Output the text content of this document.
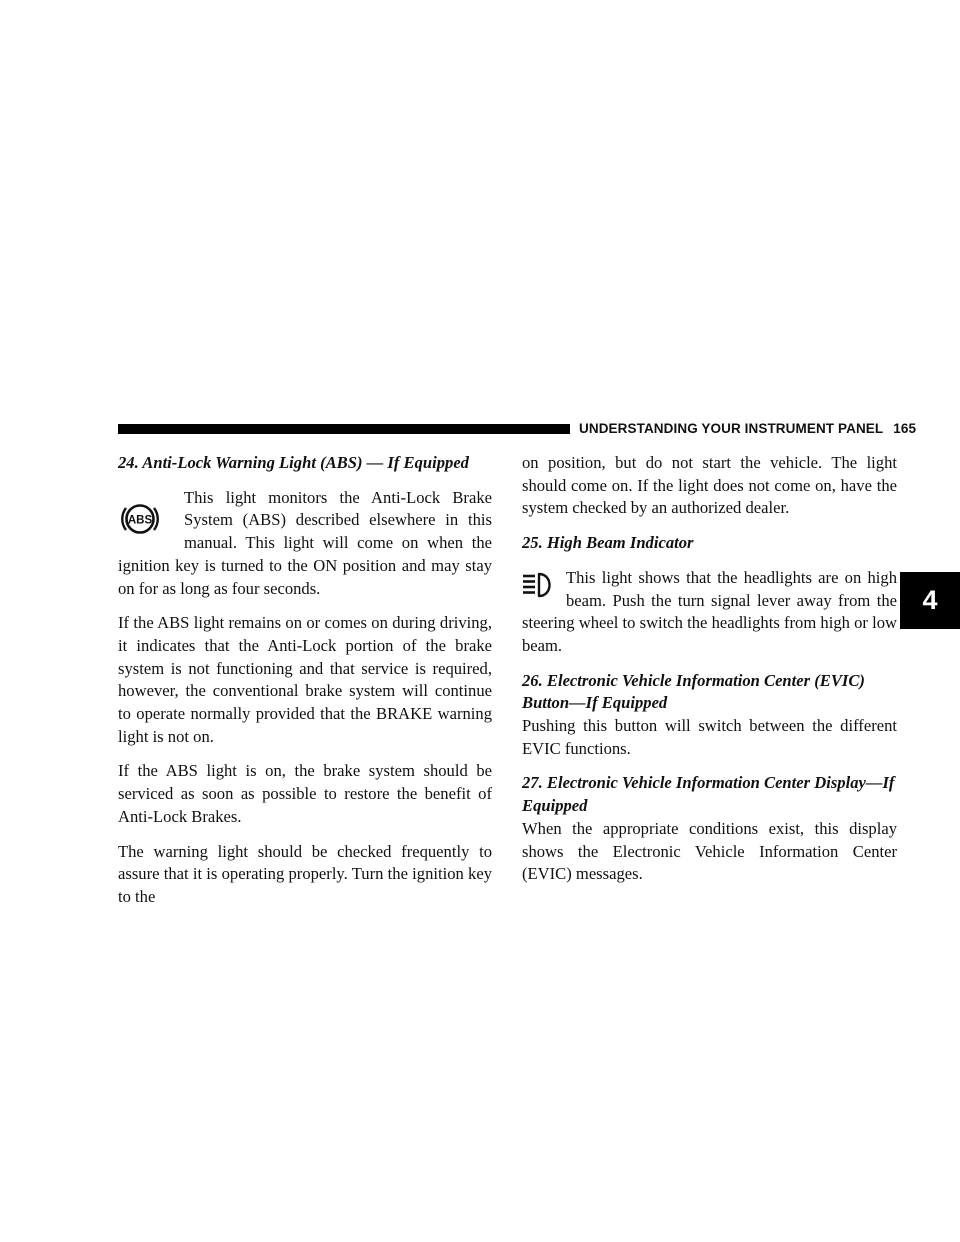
UNDERSTANDING YOUR INSTRUMENT PANEL 165
4

24. Anti-Lock Warning Light (ABS) — If Equipped

ABS
This light monitors the Anti-Lock Brake System (ABS) described elsewhere in this manual. This light will come on when the ignition key is turned to the ON position and may stay on for as long as four seconds.

If the ABS light remains on or comes on during driving, it indicates that the Anti-Lock portion of the brake system is not functioning and that service is required, however, the conventional brake system will continue to operate normally provided that the BRAKE warning light is not on.

If the ABS light is on, the brake system should be serviced as soon as possible to restore the benefit of Anti-Lock Brakes.

The warning light should be checked frequently to assure that it is operating properly. Turn the ignition key to the

on position, but do not start the vehicle. The light should come on. If the light does not come on, have the system checked by an authorized dealer.

25. High Beam Indicator

This light shows that the headlights are on high beam. Push the turn signal lever away from the steering wheel to switch the headlights from high or low beam.

26. Electronic Vehicle Information Center (EVIC)

Button—If Equipped

Pushing this button will switch between the different EVIC functions.

27. Electronic Vehicle Information Center Display—If

Equipped

When the appropriate conditions exist, this display shows the Electronic Vehicle Information Center (EVIC) messages.
